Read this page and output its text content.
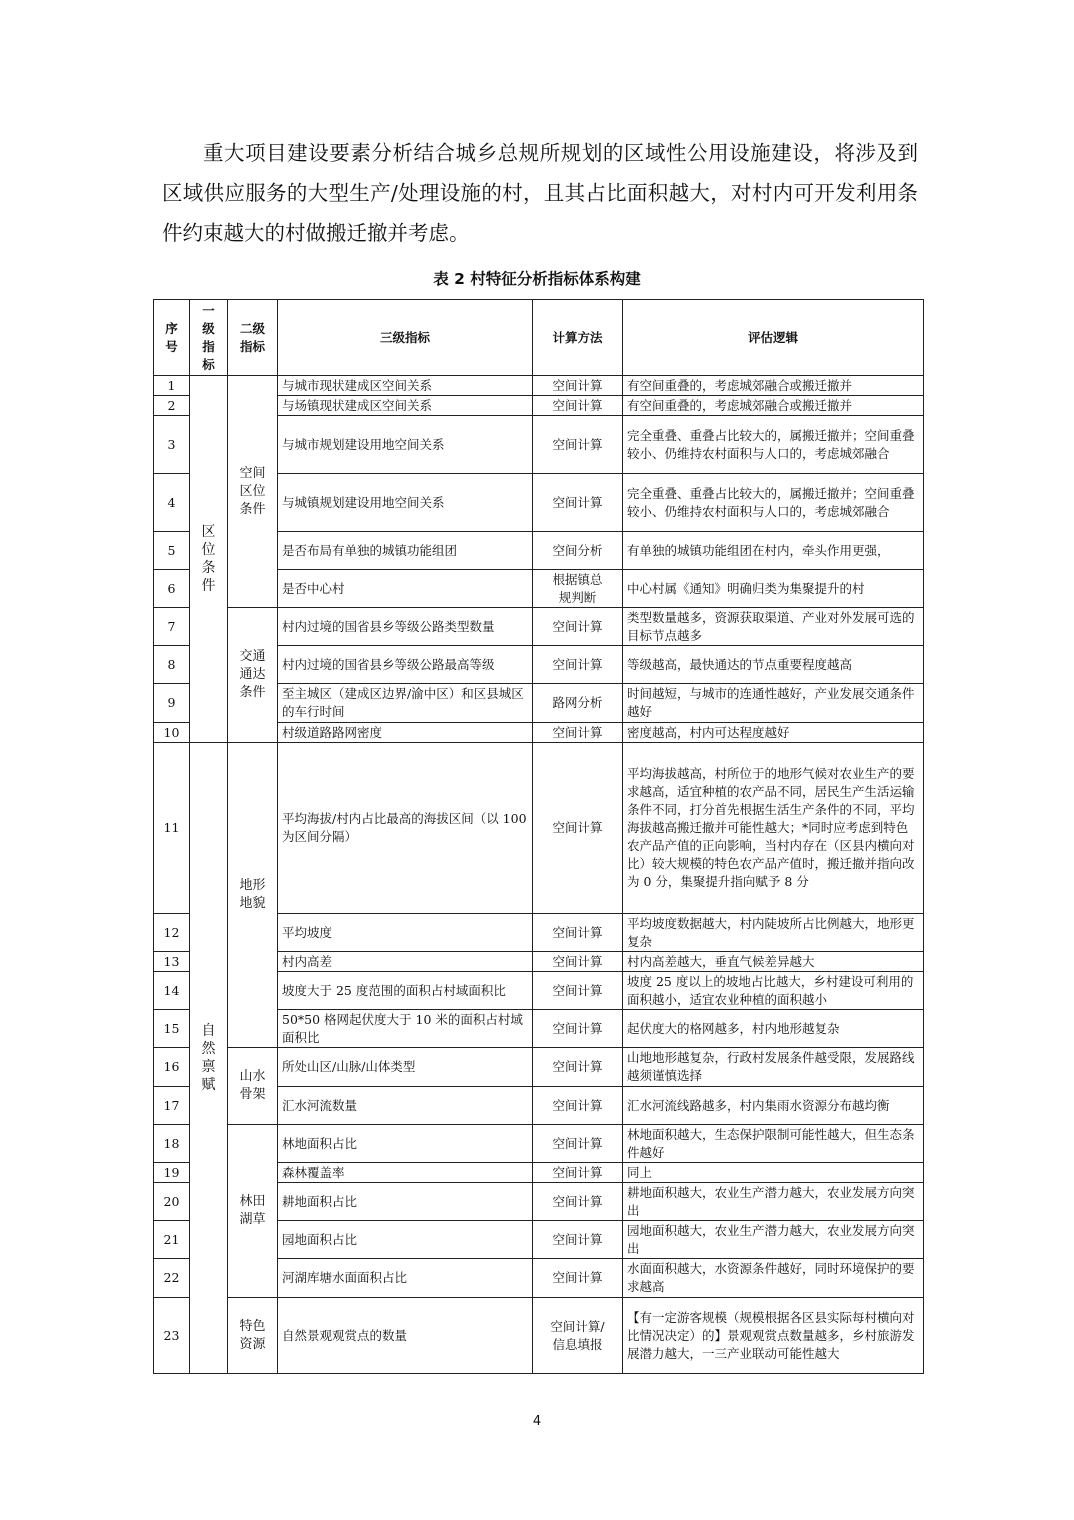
重大项目建设要素分析结合城乡总规所规划的区域性公用设施建设，将涉及到区域供应服务的大型生产/处理设施的村，且其占比面积越大，对村内可开发利用条件约束越大的村做搬迁撤并考虑。

表 2 村特征分析指标体系构建

序号	一级指标	二级指标	三级指标	计算方法	评估逻辑
1	区位条件	空间区位条件	与城市现状建成区空间关系	空间计算	有空间重叠的，考虑城郊融合或搬迁撤并
2			与场镇现状建成区空间关系	空间计算	有空间重叠的，考虑城郊融合或搬迁撤并
3			与城市规划建设用地空间关系	空间计算	完全重叠、重叠占比较大的，属搬迁撤并；空间重叠较小、仍维持农村面积与人口的，考虑城郊融合
4			与城镇规划建设用地空间关系	空间计算	完全重叠、重叠占比较大的，属搬迁撤并；空间重叠较小、仍维持农村面积与人口的，考虑城郊融合
5			是否布局有单独的城镇功能组团	空间分析	有单独的城镇功能组团在村内，牵头作用更强，
6			是否中心村	根据镇总规判断	中心村属《通知》明确归类为集聚提升的村
7		交通通达条件	村内过境的国省县乡等级公路类型数量	空间计算	类型数量越多，资源获取渠道、产业对外发展可选的目标节点越多
8			村内过境的国省县乡等级公路最高等级	空间计算	等级越高，最快通达的节点重要程度越高
9			至主城区（建成区边界/渝中区）和区县城区的车行时间	路网分析	时间越短，与城市的连通性越好，产业发展交通条件越好
10			村级道路路网密度	空间计算	密度越高，村内可达程度越好
11	自然禀赋	地形地貌	平均海拔/村内占比最高的海拔区间（以 100 为区间分隔）	空间计算	平均海拔越高，村所位于的地形气候对农业生产的要求越高，适宜种植的农产品不同，居民生产生活运输条件不同，打分首先根据生活生产条件的不同，平均海拔越高搬迁撤并可能性越大；*同时应考虑到特色农产品产值的正向影响，当村内存在（区县内横向对比）较大规模的特色农产品产值时，搬迁撤并指向改为 0 分，集聚提升指向赋予 8 分
12			平均坡度	空间计算	平均坡度数据越大，村内陡坡所占比例越大，地形更复杂
13			村内高差	空间计算	村内高差越大，垂直气候差异越大
14			坡度大于 25 度范围的面积占村域面积比	空间计算	坡度 25 度以上的坡地占比越大，乡村建设可利用的面积越小，适宜农业种植的面积越小
15			50*50 格网起伏度大于 10 米的面积占村域面积比	空间计算	起伏度大的格网越多，村内地形越复杂
16		山水骨架	所处山区/山脉/山体类型	空间计算	山地地形越复杂，行政村发展条件越受限，发展路线越须谨慎选择
17			汇水河流数量	空间计算	汇水河流线路越多，村内集雨水资源分布越均衡
18		林田湖草	林地面积占比	空间计算	林地面积越大，生态保护限制可能性越大，但生态条件越好
19			森林覆盖率	空间计算	同上
20			耕地面积占比	空间计算	耕地面积越大，农业生产潜力越大，农业发展方向突出
21			园地面积占比	空间计算	园地面积越大，农业生产潜力越大，农业发展方向突出
22			河湖库塘水面面积占比	空间计算	水面面积越大，水资源条件越好，同时环境保护的要求越高
23		特色资源	自然景观观赏点的数量	空间计算/信息填报	【有一定游客规模（规模根据各区县实际每村横向对比情况决定）的】景观观赏点数量越多，乡村旅游发展潜力越大，一三产业联动可能性越大
4
